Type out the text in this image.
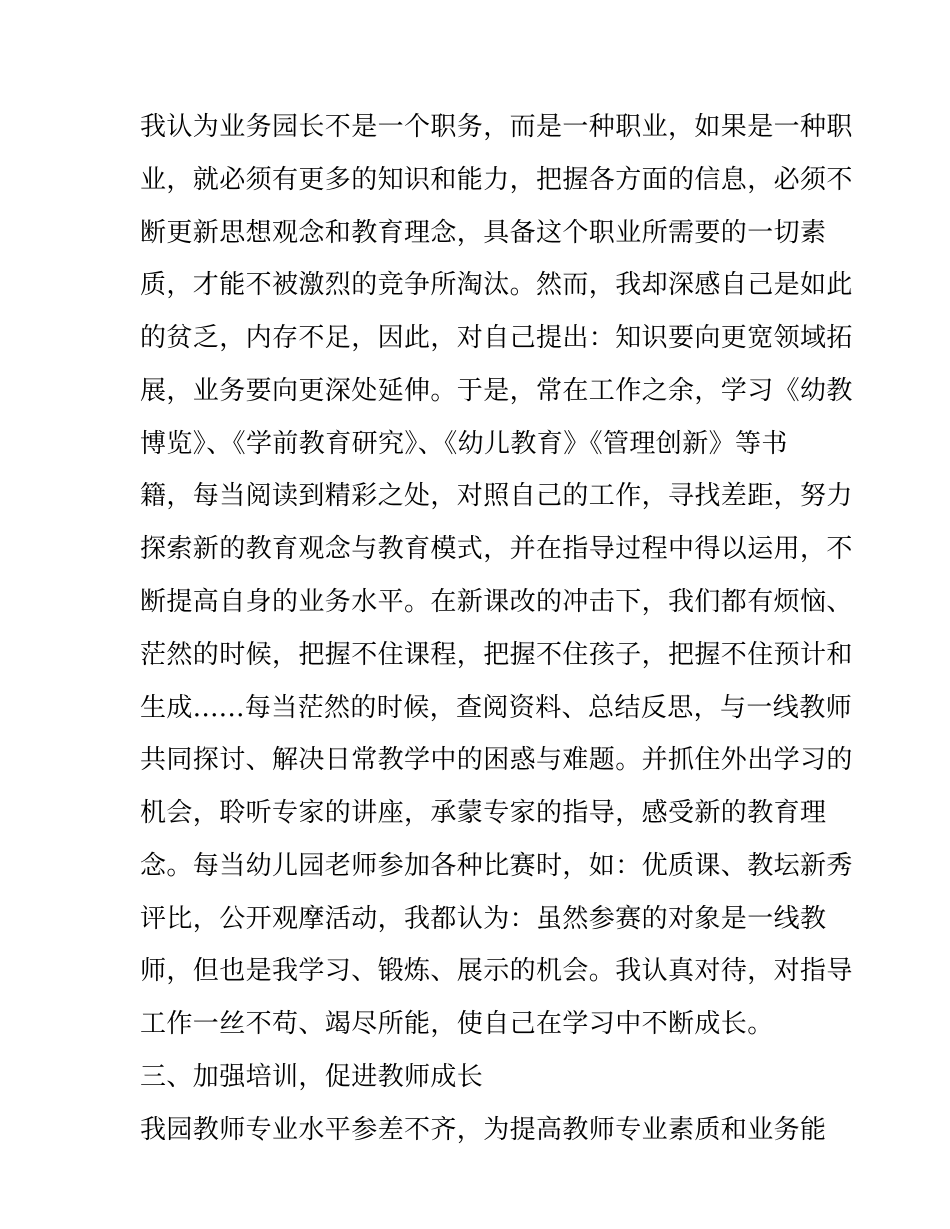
我认为业务园长不是一个职务，而是一种职业，如果是一种职
业，就必须有更多的知识和能力，把握各方面的信息，必须不
断更新思想观念和教育理念，具备这个职业所需要的一切素
质，才能不被激烈的竞争所淘汰。然而，我却深感自己是如此
的贫乏，内存不足，因此，对自己提出：知识要向更宽领域拓
展，业务要向更深处延伸。于是，常在工作之余，学习《幼教
博览》、《学前教育研究》、《幼儿教育》《管理创新》等书
籍，每当阅读到精彩之处，对照自己的工作，寻找差距，努力
探索新的教育观念与教育模式，并在指导过程中得以运用，不
断提高自身的业务水平。在新课改的冲击下，我们都有烦恼、
茫然的时候，把握不住课程，把握不住孩子，把握不住预计和
生成......每当茫然的时候，查阅资料、总结反思，与一线教师
共同探讨、解决日常教学中的困惑与难题。并抓住外出学习的
机会，聆听专家的讲座，承蒙专家的指导，感受新的教育理
念。每当幼儿园老师参加各种比赛时，如：优质课、教坛新秀
评比，公开观摩活动，我都认为：虽然参赛的对象是一线教
师，但也是我学习、锻炼、展示的机会。我认真对待，对指导
工作一丝不苟、竭尽所能，使自己在学习中不断成长。
三、加强培训，促进教师成长
我园教师专业水平参差不齐，为提高教师专业素质和业务能
